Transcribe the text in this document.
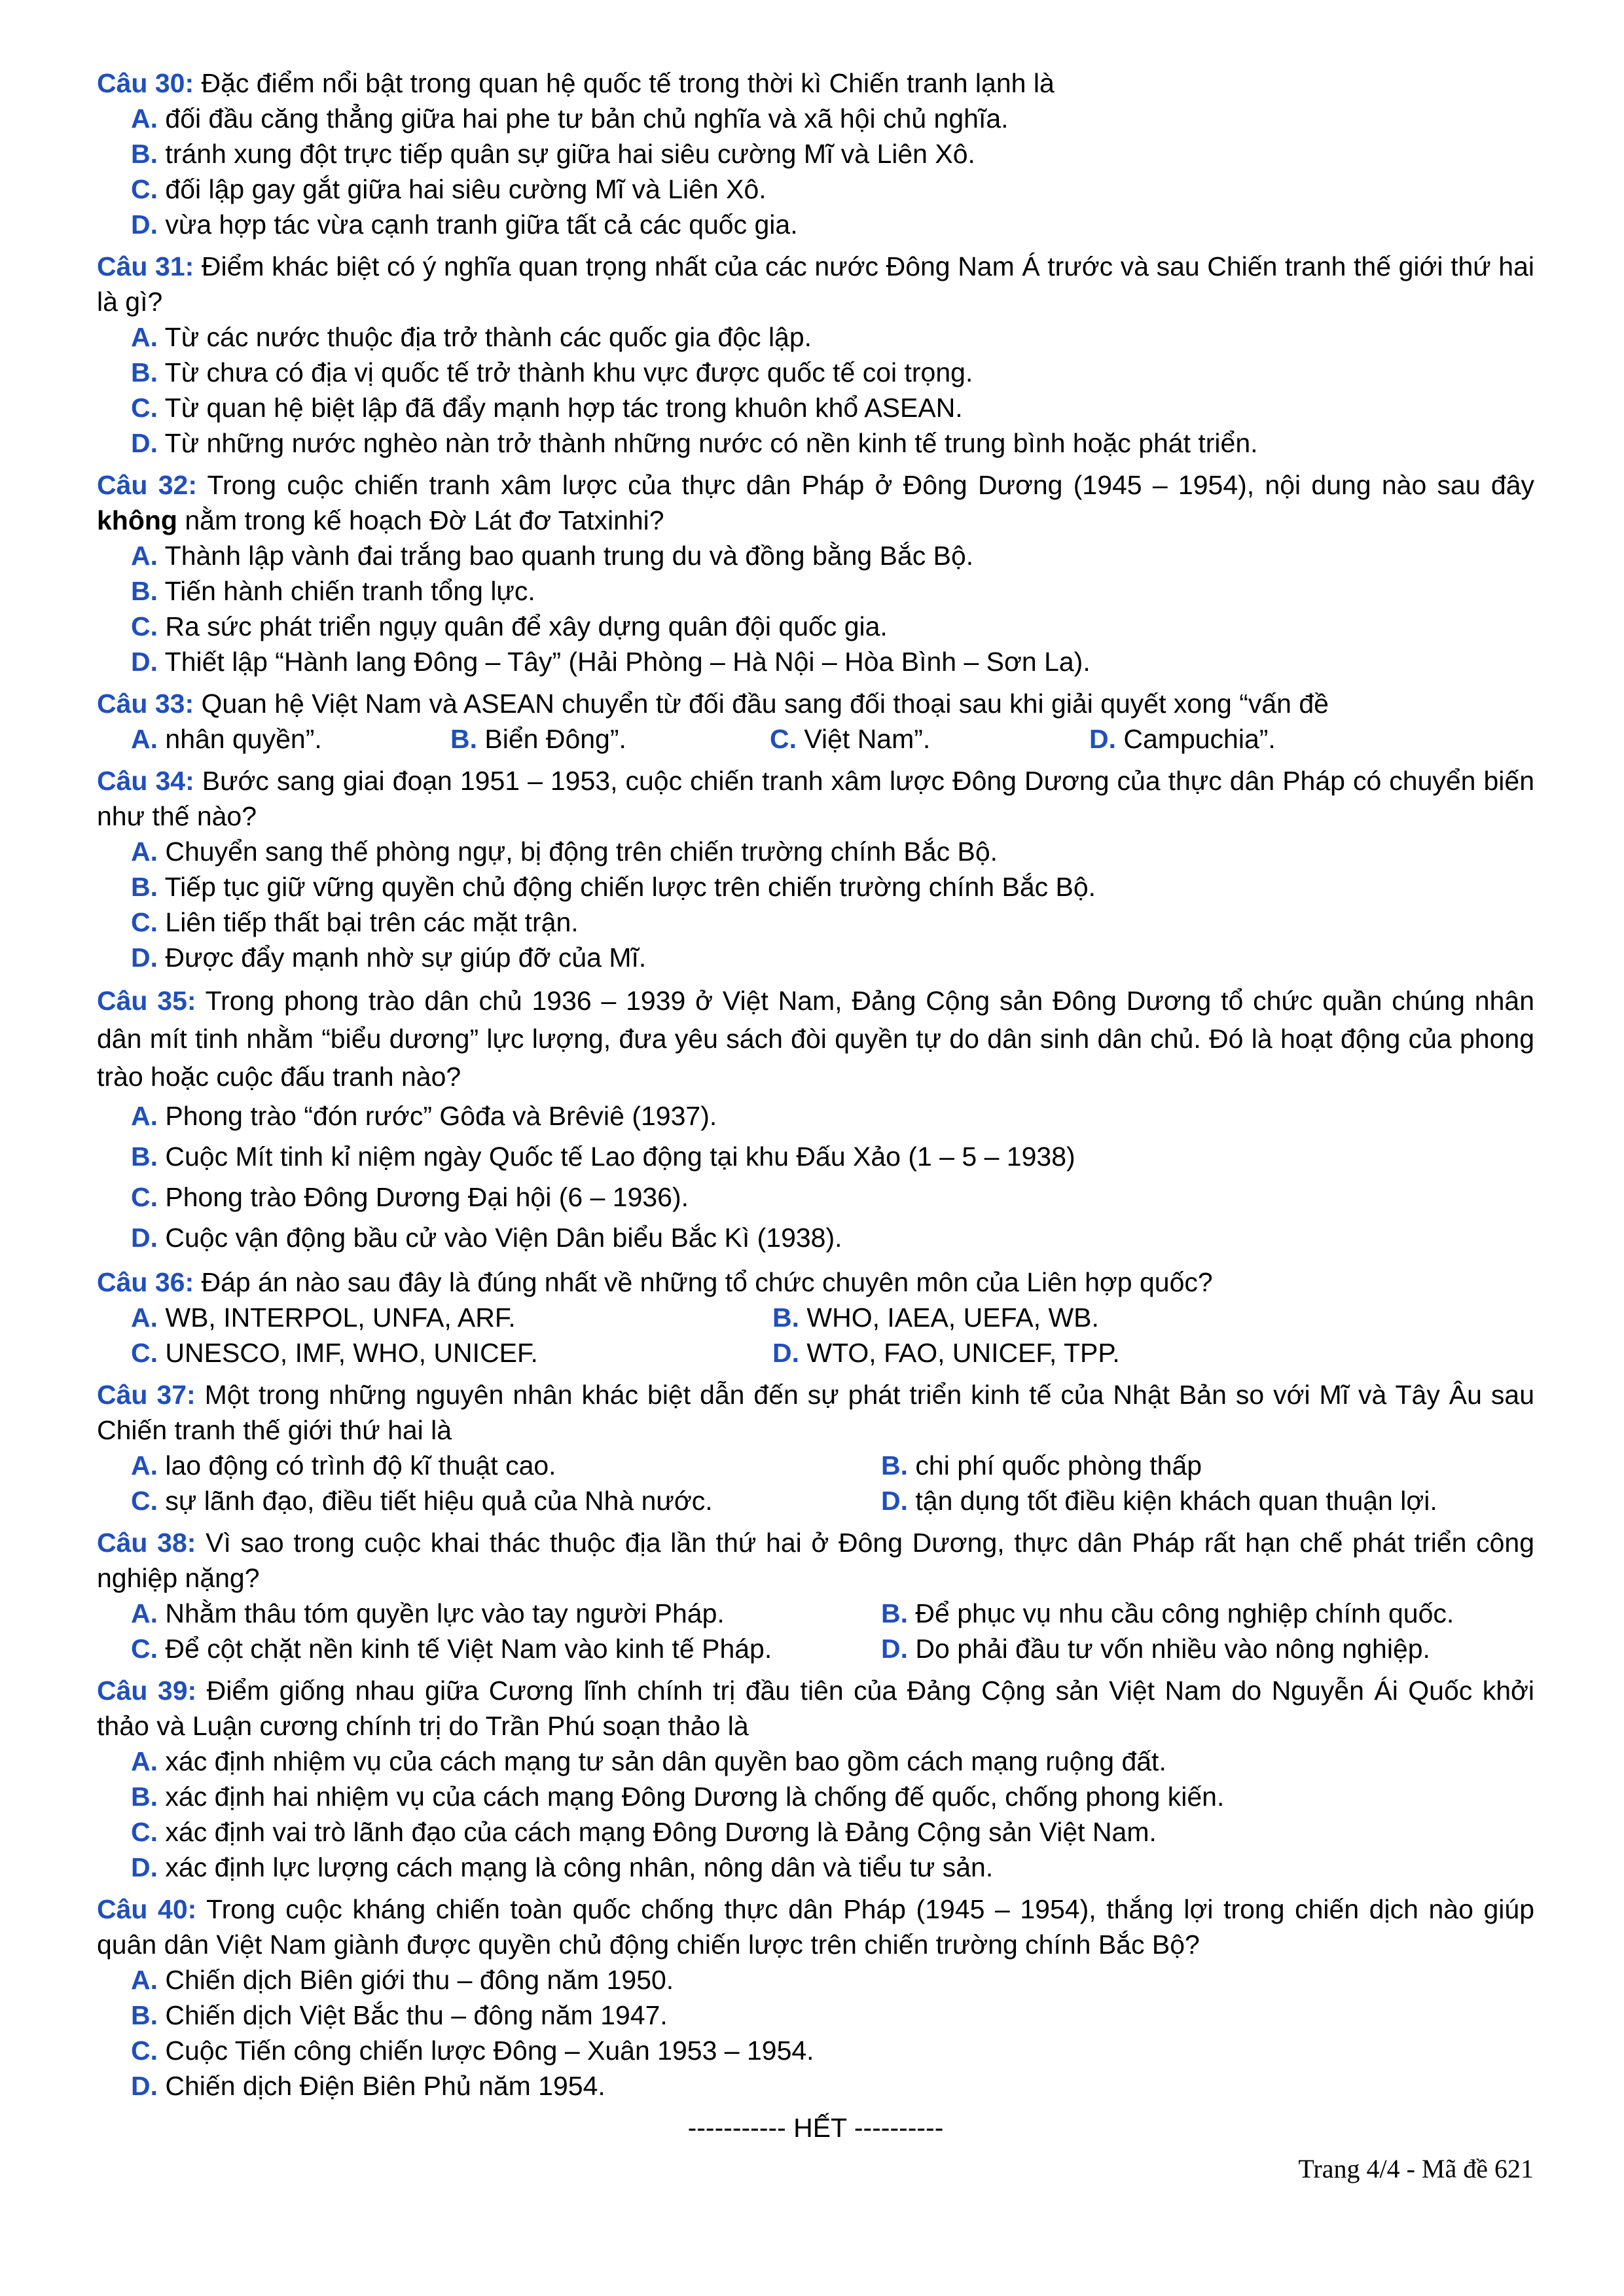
Câu 30: Đặc điểm nổi bật trong quan hệ quốc tế trong thời kì Chiến tranh lạnh là
A. đối đầu căng thẳng giữa hai phe tư bản chủ nghĩa và xã hội chủ nghĩa.
B. tránh xung đột trực tiếp quân sự giữa hai siêu cường Mĩ và Liên Xô.
C. đối lập gay gắt giữa hai siêu cường Mĩ và Liên Xô.
D. vừa hợp tác vừa cạnh tranh giữa tất cả các quốc gia.
Câu 31: Điểm khác biệt có ý nghĩa quan trọng nhất của các nước Đông Nam Á trước và sau Chiến tranh thế giới thứ hai là gì?
A. Từ các nước thuộc địa trở thành các quốc gia độc lập.
B. Từ chưa có địa vị quốc tế trở thành khu vực được quốc tế coi trọng.
C. Từ quan hệ biệt lập đã đẩy mạnh hợp tác trong khuôn khổ ASEAN.
D. Từ những nước nghèo nàn trở thành những nước có nền kinh tế trung bình hoặc phát triển.
Câu 32: Trong cuộc chiến tranh xâm lược của thực dân Pháp ở Đông Dương (1945 – 1954), nội dung nào sau đây không nằm trong kế hoạch Đờ Lát đơ Tatxinhi?
A. Thành lập vành đai trắng bao quanh trung du và đồng bằng Bắc Bộ.
B. Tiến hành chiến tranh tổng lực.
C. Ra sức phát triển ngụy quân để xây dựng quân đội quốc gia.
D. Thiết lập “Hành lang Đông – Tây” (Hải Phòng – Hà Nội – Hòa Bình – Sơn La).
Câu 33: Quan hệ Việt Nam và ASEAN chuyển từ đối đầu sang đối thoại sau khi giải quyết xong “vấn đề
A. nhân quyền”.	B. Biển Đông”.	C. Việt Nam”.	D. Campuchia”.
Câu 34: Bước sang giai đoạn 1951 – 1953, cuộc chiến tranh xâm lược Đông Dương của thực dân Pháp có chuyển biến như thế nào?
A. Chuyển sang thế phòng ngự, bị động trên chiến trường chính Bắc Bộ.
B. Tiếp tục giữ vững quyền chủ động chiến lược trên chiến trường chính Bắc Bộ.
C. Liên tiếp thất bại trên các mặt trận.
D. Được đẩy mạnh nhờ sự giúp đỡ của Mĩ.
Câu 35: Trong phong trào dân chủ 1936 – 1939 ở Việt Nam, Đảng Cộng sản Đông Dương tổ chức quần chúng nhân dân mít tinh nhằm “biểu dương” lực lượng, đưa yêu sách đòi quyền tự do dân sinh dân chủ. Đó là hoạt động của phong trào hoặc cuộc đấu tranh nào?
A. Phong trào “đón rước” Gôđa và Brêviê (1937).
B. Cuộc Mít tinh kỉ niệm ngày Quốc tế Lao động tại khu Đấu Xảo (1 – 5 – 1938)
C. Phong trào Đông Dương Đại hội (6 – 1936).
D. Cuộc vận động bầu cử vào Viện Dân biểu Bắc Kì (1938).
Câu 36: Đáp án nào sau đây là đúng nhất về những tổ chức chuyên môn của Liên hợp quốc?
A. WB, INTERPOL, UNFA, ARF.	B. WHO, IAEA, UEFA, WB.
C. UNESCO, IMF, WHO, UNICEF.	D. WTO, FAO, UNICEF, TPP.
Câu 37: Một trong những nguyên nhân khác biệt dẫn đến sự phát triển kinh tế của Nhật Bản so với Mĩ và Tây Âu sau Chiến tranh thế giới thứ hai là
A. lao động có trình độ kĩ thuật cao.	B. chi phí quốc phòng thấp
C. sự lãnh đạo, điều tiết hiệu quả của Nhà nước.	D. tận dụng tốt điều kiện khách quan thuận lợi.
Câu 38: Vì sao trong cuộc khai thác thuộc địa lần thứ hai ở Đông Dương, thực dân Pháp rất hạn chế phát triển công nghiệp nặng?
A. Nhằm thâu tóm quyền lực vào tay người Pháp.	B. Để phục vụ nhu cầu công nghiệp chính quốc.
C. Để cột chặt nền kinh tế Việt Nam vào kinh tế Pháp.	D. Do phải đầu tư vốn nhiều vào nông nghiệp.
Câu 39: Điểm giống nhau giữa Cương lĩnh chính trị đầu tiên của Đảng Cộng sản Việt Nam do Nguyễn Ái Quốc khởi thảo và Luận cương chính trị do Trần Phú soạn thảo là
A. xác định nhiệm vụ của cách mạng tư sản dân quyền bao gồm cách mạng ruộng đất.
B. xác định hai nhiệm vụ của cách mạng Đông Dương là chống đế quốc, chống phong kiến.
C. xác định vai trò lãnh đạo của cách mạng Đông Dương là Đảng Cộng sản Việt Nam.
D. xác định lực lượng cách mạng là công nhân, nông dân và tiểu tư sản.
Câu 40: Trong cuộc kháng chiến toàn quốc chống thực dân Pháp (1945 – 1954), thắng lợi trong chiến dịch nào giúp quân dân Việt Nam giành được quyền chủ động chiến lược trên chiến trường chính Bắc Bộ?
A. Chiến dịch Biên giới thu – đông năm 1950.
B. Chiến dịch Việt Bắc thu – đông năm 1947.
C. Cuộc Tiến công chiến lược Đông – Xuân 1953 – 1954.
D. Chiến dịch Điện Biên Phủ năm 1954.
----------- HẾT ----------
Trang 4/4 - Mã đề 621
